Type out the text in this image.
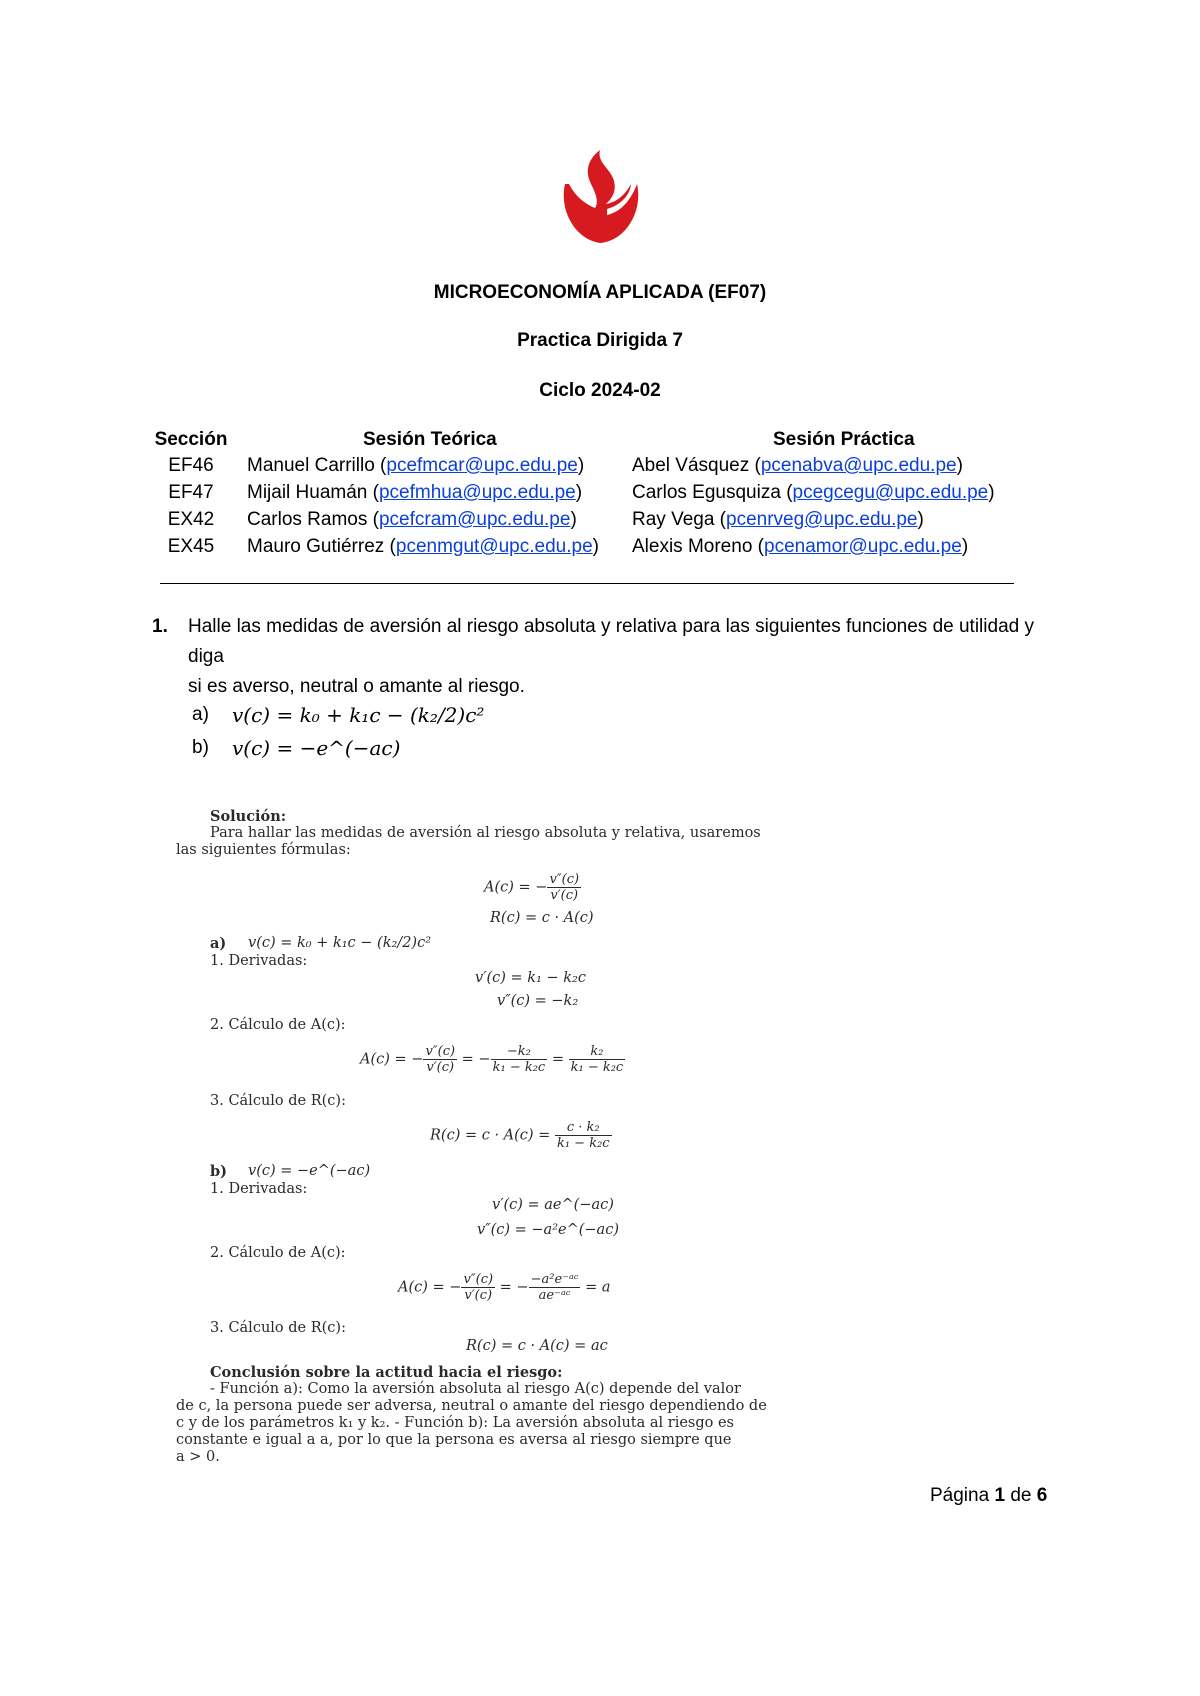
MICROECONOMÍA APLICADA (EF07)
Practica Dirigida 7
Ciclo 2024-02
Sección	Sesión Teórica	Sesión Práctica
EF46	Manuel Carrillo (pcefmcar@upc.edu.pe)	Abel Vásquez (pcenabva@upc.edu.pe)
EF47	Mijail Huamán (pcefmhua@upc.edu.pe)	Carlos Egusquiza (pcegcegu@upc.edu.pe)
EX42	Carlos Ramos (pcefcram@upc.edu.pe)	Ray Vega (pcenrveg@upc.edu.pe)
EX45	Mauro Gutiérrez (pcenmgut@upc.edu.pe) Alexis Moreno (pcenamor@upc.edu.pe)
1. Halle las medidas de aversión al riesgo absoluta y relativa para las siguientes funciones de utilidad y diga
si es averso, neutral o amante al riesgo.
a) v(c) = k₀ + k₁c − (k₂/2)c²
b) v(c) = −e^(−ac)
Solución:
Para hallar las medidas de aversión al riesgo absoluta y relativa, usaremos
las siguientes fórmulas:
A(c) = − $\frac{v''(c)}{v'(c)}$
R(c) = c · A(c)
a) v(c) = k₀ + k₁c − (k₂/2)c²
1. Derivadas:
v′(c) = k₁ − k₂c
v″(c) = −k₂
2. Cálculo de A(c):
A(c) = − $\frac{v''(c)}{v'(c)}$ = − $\frac{\text{−k₂}}{\text{k₁ − k₂c}} = \frac{\text{k₂}}{\text{k₁ − k₂c}}$
3. Cálculo de R(c):
$R(c) = c \cdot A(c) = \frac{\text{c · k₂}}{\text{k₁ − k₂c}}$
b) v(c) = −e^(−ac)
1. Derivadas:
v′(c) = ae^(−ac)
v″(c) = −a²e^(−ac)
2. Cálculo de A(c):
A(c) = − $\frac{v''(c)}{v'(c)}$ = − $\frac{\text{−a²e⁻ᵃᶜ}}{\text{ae⁻ᵃᶜ}} = a$
3. Cálculo de R(c):
R(c) = c · A(c) = ac
Conclusión sobre la actitud hacia el riesgo:
- Función a): Como la aversión absoluta al riesgo A(c) depende del valor
de c, la persona puede ser adversa, neutral o amante del riesgo dependiendo de
c y de los parámetros k₁ y k₂. - Función b): La aversión absoluta al riesgo es
constante e igual a a, por lo que la persona es aversa al riesgo siempre que
a > 0.
Página 1 de 6
